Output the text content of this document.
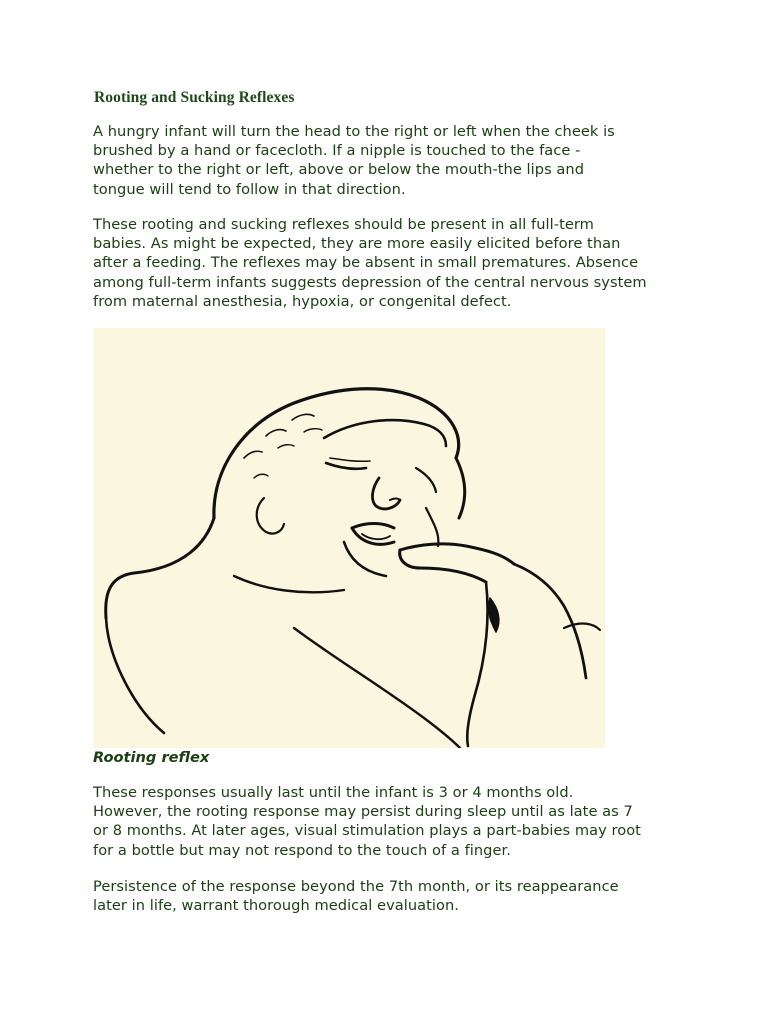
Rooting and Sucking Reflexes

A hungry infant will turn the head to the right or left when the cheek is
brushed by a hand or facecloth. If a nipple is touched to the face -
whether to the right or left, above or below the mouth-the lips and
tongue will tend to follow in that direction.

These rooting and sucking reflexes should be present in all full-term
babies. As might be expected, they are more easily elicited before than
after a feeding. The reflexes may be absent in small prematures. Absence
among full-term infants suggests depression of the central nervous system
from maternal anesthesia, hypoxia, or congenital defect.

Rooting reflex

These responses usually last until the infant is 3 or 4 months old.
However, the rooting response may persist during sleep until as late as 7
or 8 months. At later ages, visual stimulation plays a part-babies may root
for a bottle but may not respond to the touch of a finger.

Persistence of the response beyond the 7th month, or its reappearance
later in life, warrant thorough medical evaluation.
